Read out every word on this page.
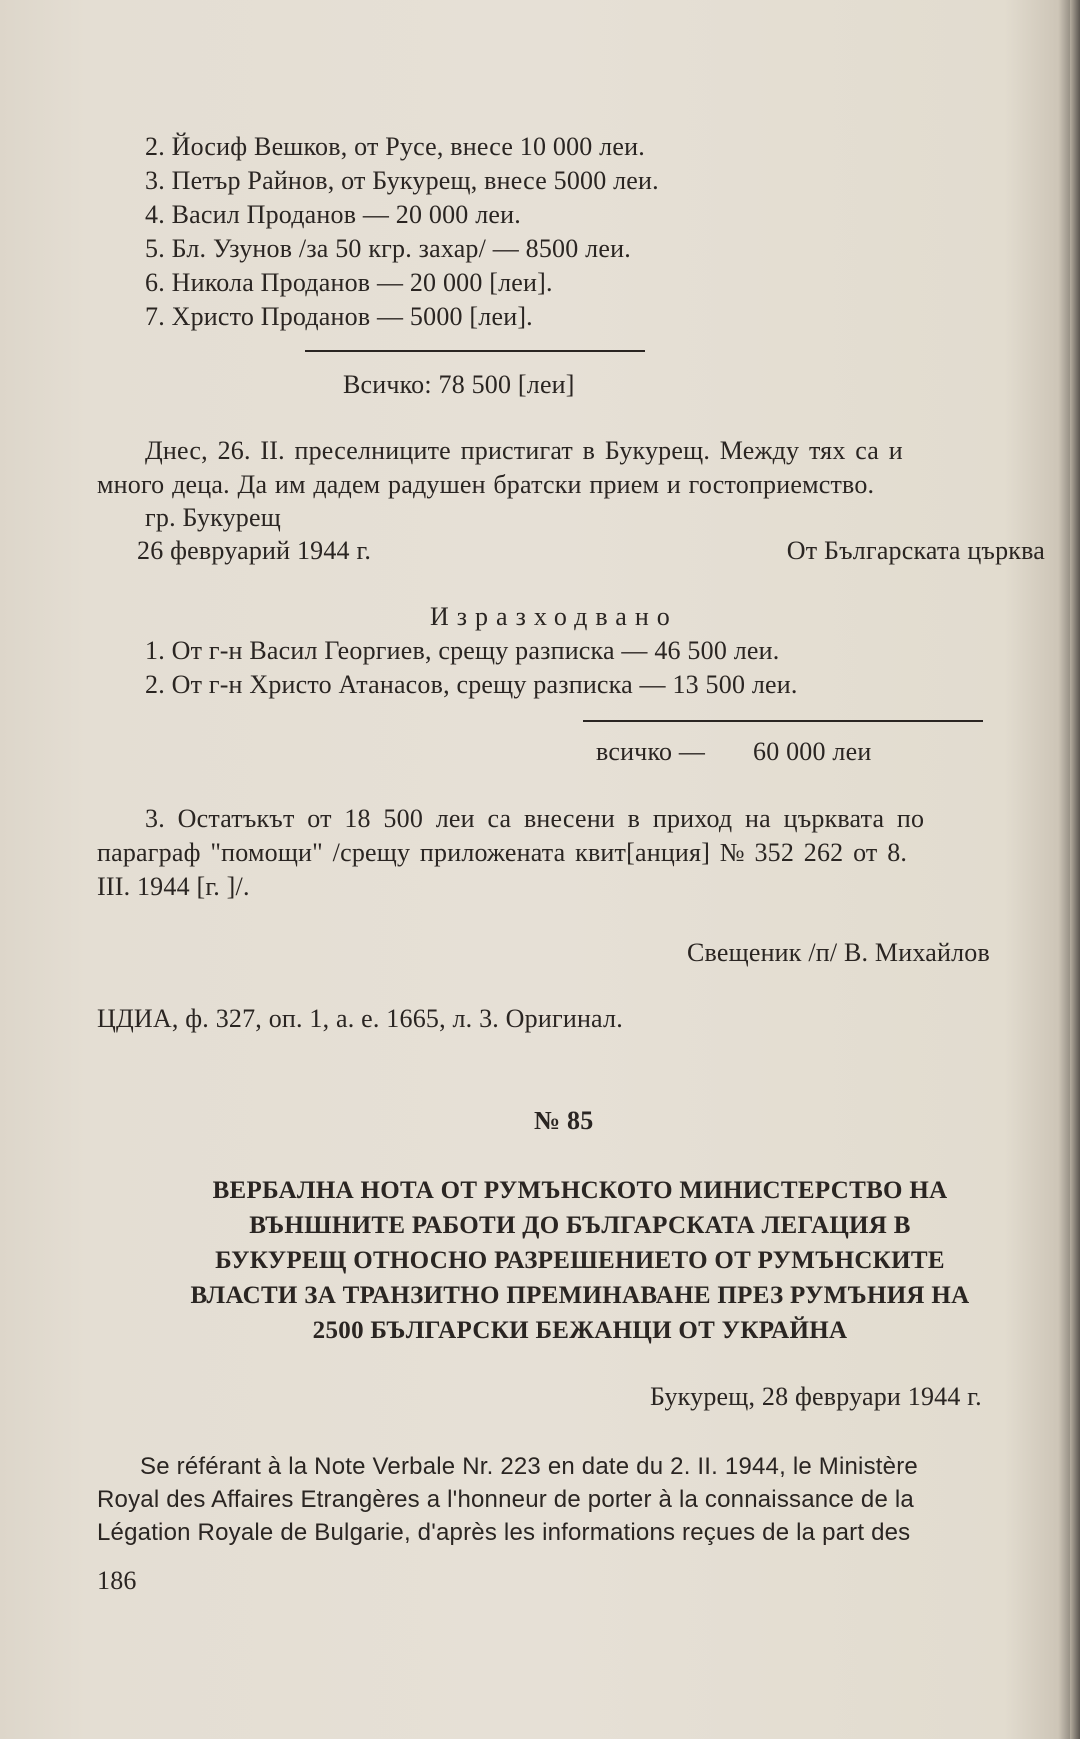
2. Йосиф Вешков, от Русе, внесе 10 000 леи.
3. Петър Райнов, от Букурещ, внесе 5000 леи.
4. Васил Проданов — 20 000 леи.
5. Бл. Узунов /за 50 кгр. захар/ — 8500 леи.
6. Никола Проданов — 20 000 [леи].
7. Христо Проданов — 5000 [леи].
Всичко: 78 500 [леи]
Днес, 26. II. преселниците пристигат в Букурещ. Между тях са и
много деца. Да им дадем радушен братски прием и гостоприемство.
гр. Букурещ
26 февруарий 1944 г.	От Българската църква
Изразходвано
1. От г-н Васил Георгиев, срещу разписка — 46 500 леи.
2. От г-н Христо Атанасов, срещу разписка — 13 500 леи.
всичко — 60 000 леи
3. Остатъкът от 18 500 леи са внесени в приход на църквата по
параграф "помощи" /срещу приложената квит[анция] № 352 262 от 8.
III. 1944 [г. ]/.
Свещеник /п/ В. Михайлов
ЦДИА, ф. 327, оп. 1, а. е. 1665, л. 3. Оригинал.
№ 85
ВЕРБАЛНА НОТА ОТ РУМЪНСКОТО МИНИСТЕРСТВО НА
ВЪНШНИТЕ РАБОТИ ДО БЪЛГАРСКАТА ЛЕГАЦИЯ В
БУКУРЕЩ ОТНОСНО РАЗРЕШЕНИЕТО ОТ РУМЪНСКИТЕ
ВЛАСТИ ЗА ТРАНЗИТНО ПРЕМИНАВАНЕ ПРЕЗ РУМЪНИЯ НА
2500 БЪЛГАРСКИ БЕЖАНЦИ ОТ УКРАЙНА
Букурещ, 28 февруари 1944 г.
Se référant à la Note Verbale Nr. 223 en date du 2. II. 1944, le Ministère
Royal des Affaires Etrangères a l'honneur de porter à la connaissance de la
Légation Royale de Bulgarie, d'après les informations reçues de la part des
186
